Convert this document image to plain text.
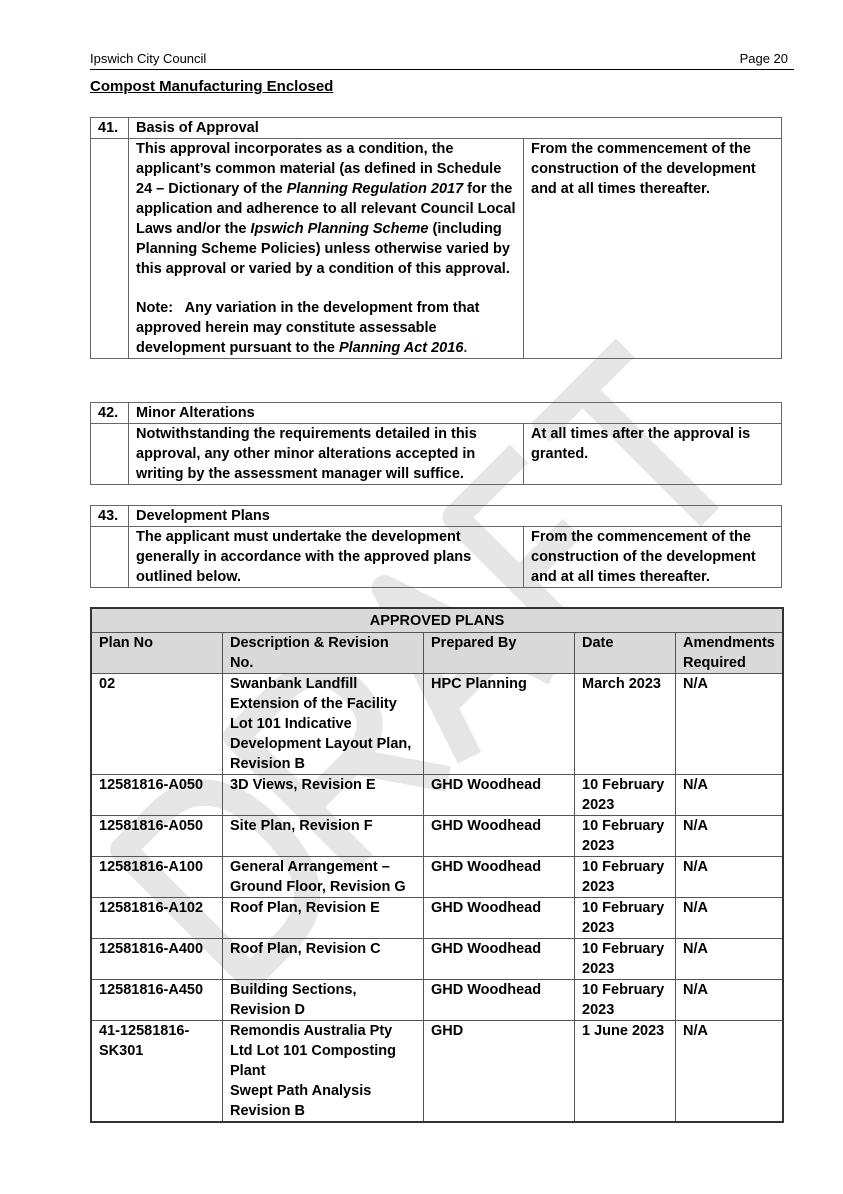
Ipswich City Council	Page 20
Compost Manufacturing Enclosed
41.	Basis of Approval	

	This approval incorporates as a condition, the applicant’s common material (as defined in Schedule 24 – Dictionary of the Planning Regulation 2017 for the application and adherence to all relevant Council Local Laws and/or the Ipswich Planning Scheme (including Planning Scheme Policies) unless otherwise varied by this approval or varied by a condition of this approval.

Note:   Any variation in the development from that approved herein may constitute assessable development pursuant to the Planning Act 2016.	From the commencement of the construction of the development and at all times thereafter.
42.	Minor Alterations	
	Notwithstanding the requirements detailed in this approval, any other minor alterations accepted in writing by the assessment manager will suffice.	At all times after the approval is granted.
43.	Development Plans	
	The applicant must undertake the development generally in accordance with the approved plans outlined below.	From the commencement of the construction of the development and at all times thereafter.
APPROVED PLANS				
Plan No	Description & Revision No.	Prepared By	Date	Amendments Required
02	Swanbank Landfill Extension of the Facility Lot 101 Indicative Development Layout Plan, Revision B	HPC Planning	March 2023	N/A
12581816-A050	3D Views, Revision E	GHD Woodhead	10 February 2023	N/A
12581816-A050	Site Plan, Revision F	GHD Woodhead	10 February 2023	N/A
12581816-A100	General Arrangement – Ground Floor, Revision G	GHD Woodhead	10 February 2023	N/A
12581816-A102	Roof Plan, Revision E	GHD Woodhead	10 February 2023	N/A
12581816-A400	Roof Plan, Revision C	GHD Woodhead	10 February 2023	N/A
12581816-A450	Building Sections, Revision D	GHD Woodhead	10 February 2023	N/A
41-12581816-SK301	Remondis Australia Pty Ltd Lot 101 Composting Plant
Swept Path Analysis Revision B	GHD	1 June 2023	N/A
